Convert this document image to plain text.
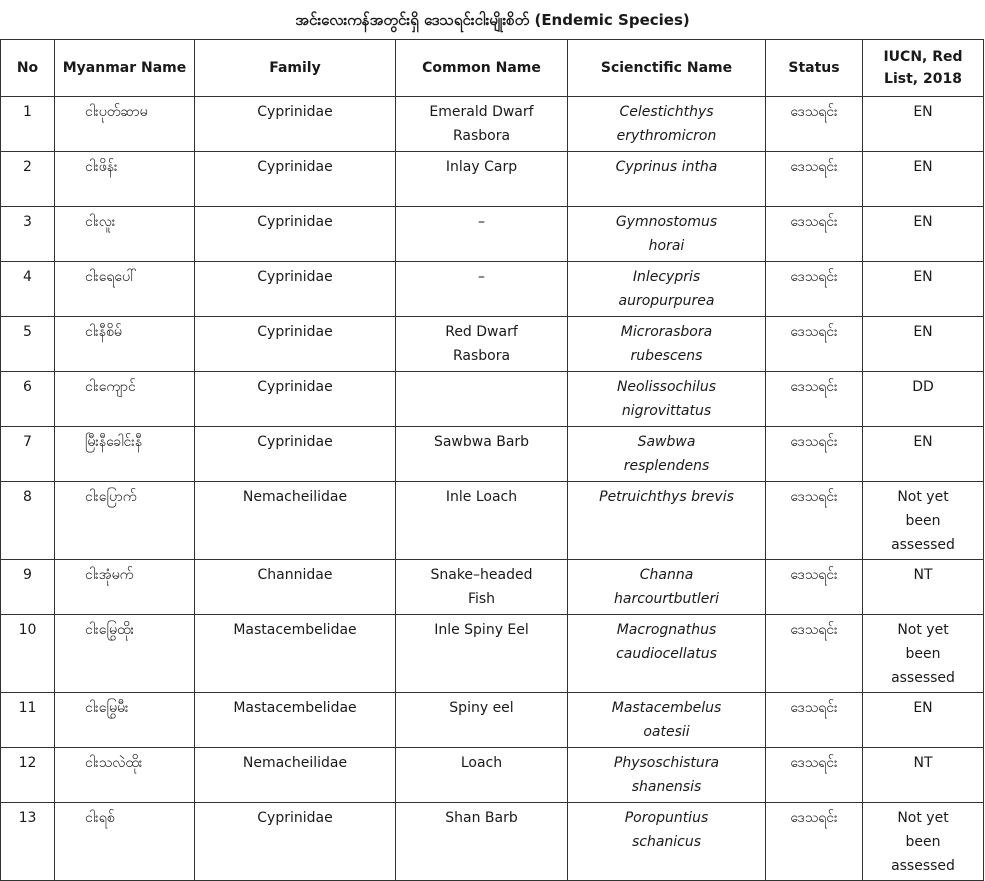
အင်းလေးကန်အတွင်းရှိ ဒေသရင်းငါးမျိုးစိတ် (Endemic Species)
No	Myanmar Name	Family	Common Name	Scienctific Name	Status	IUCN, Red List, 2018
1	ငါးပုတ်ဆာမ	Cyprinidae	Emerald Dwarf Rasbora	Celestichthys erythromicron	ဒေသရင်း	EN
2	ငါးဖိန်း	Cyprinidae	Inlay Carp	Cyprinus intha	ဒေသရင်း	EN
3	ငါးလူး	Cyprinidae	–	Gymnostomus horai	ဒေသရင်း	EN
4	ငါးရေပေါ်	Cyprinidae	–	Inlecypris auropurpurea	ဒေသရင်း	EN
5	ငါးနီစိမ်	Cyprinidae	Red Dwarf Rasbora	Microrasbora rubescens	ဒေသရင်း	EN
6	ငါးကျောင်	Cyprinidae		Neolissochilus nigrovittatus	ဒေသရင်း	DD
7	မြီးနီခေါင်းနီ	Cyprinidae	Sawbwa Barb	Sawbwa resplendens	ဒေသရင်း	EN
8	ငါးပြောက်	Nemacheilidae	Inle Loach	Petruichthys brevis	ဒေသရင်း	Not yet been assessed
9	ငါးအုံမက်	Channidae	Snake–headed Fish	Channa harcourtbutleri	ဒေသရင်း	NT
10	ငါးမြွေထိုး	Mastacembelidae	Inle Spiny Eel	Macrognathus caudiocellatus	ဒေသရင်း	Not yet been assessed
11	ငါးမြွေမီး	Mastacembelidae	Spiny eel	Mastacembelus oatesii	ဒေသရင်း	EN
12	ငါးသလဲထိုး	Nemacheilidae	Loach	Physoschistura shanensis	ဒေသရင်း	NT
13	ငါးရစ်	Cyprinidae	Shan Barb	Poropuntius schanicus	ဒေသရင်း	Not yet been assessed
